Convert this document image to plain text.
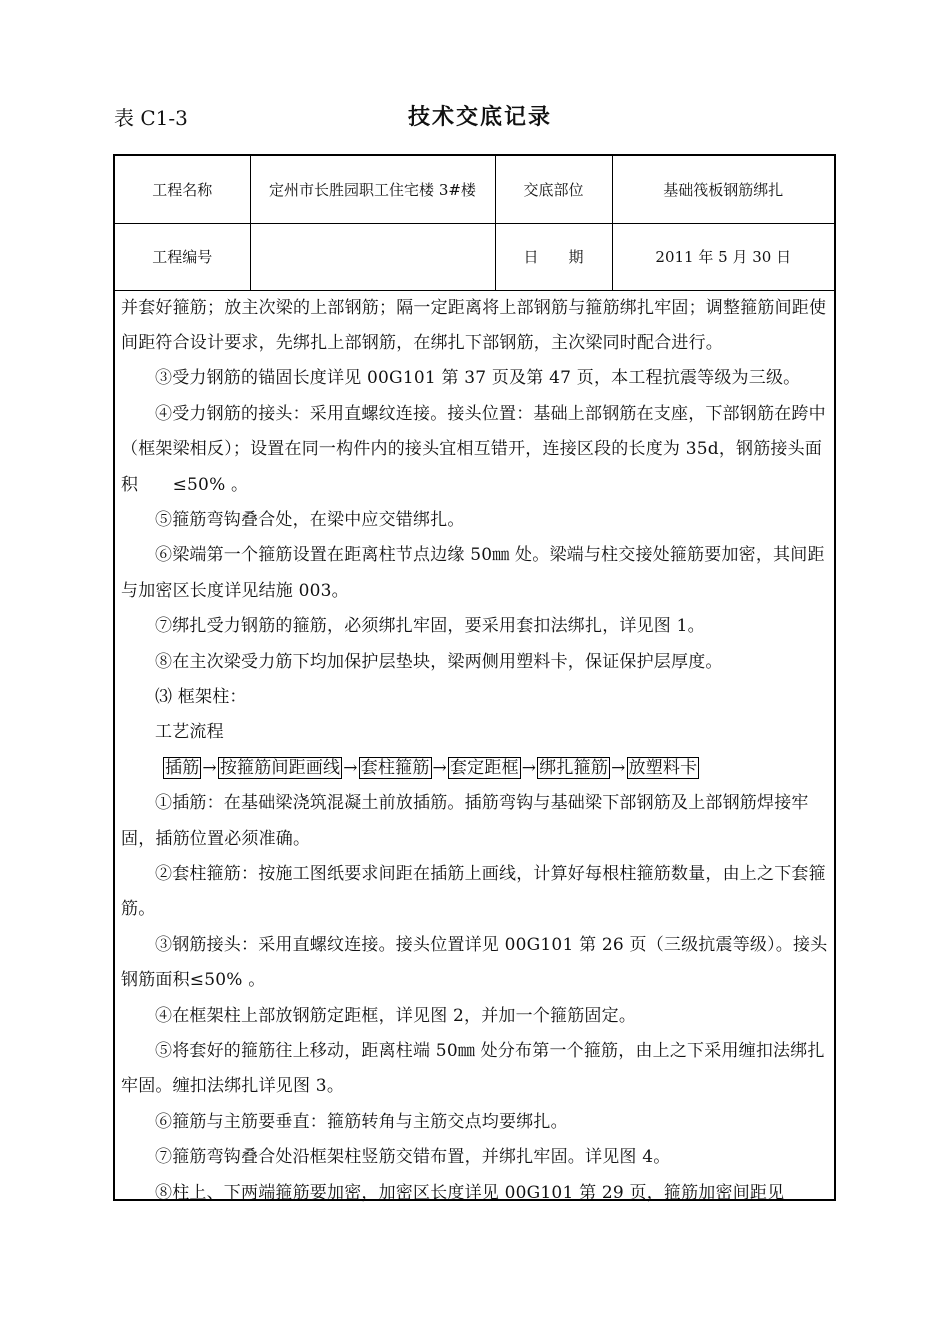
表 C1-3	技术交底记录
工程名称	定州市长胜园职工住宅楼 3#楼	交底部位	基础筏板钢筋绑扎
工程编号		日　　期	2011 年 5 月 30 日

并套好箍筋；放主次梁的上部钢筋；隔一定距离将上部钢筋与箍筋绑扎牢固；调整箍筋间距使间距符合设计要求，先绑扎上部钢筋，在绑扎下部钢筋，主次梁同时配合进行。

③受力钢筋的锚固长度详见 00G101 第 37 页及第 47 页，本工程抗震等级为三级。

④受力钢筋的接头：采用直螺纹连接。接头位置：基础上部钢筋在支座，下部钢筋在跨中（框架梁相反）；设置在同一构件内的接头宜相互错开，连接区段的长度为 35d，钢筋接头面积　　≤50% 。

⑤箍筋弯钩叠合处，在梁中应交错绑扎。

⑥梁端第一个箍筋设置在距离柱节点边缘 50㎜ 处。梁端与柱交接处箍筋要加密，其间距与加密区长度详见结施 003。

⑦绑扎受力钢筋的箍筋，必须绑扎牢固，要采用套扣法绑扎，详见图 1。

⑧在主次梁受力筋下均加保护层垫块，梁两侧用塑料卡，保证保护层厚度。

⑶ 框架柱：

工艺流程

插筋 → 按箍筋间距画线 → 套柱箍筋 → 套定距框 → 绑扎箍筋 → 放塑料卡

①插筋：在基础梁浇筑混凝土前放插筋。插筋弯钩与基础梁下部钢筋及上部钢筋焊接牢固，插筋位置必须准确。

②套柱箍筋：按施工图纸要求间距在插筋上画线，计算好每根柱箍筋数量，由上之下套箍筋。

③钢筋接头：采用直螺纹连接。接头位置详见 00G101 第 26 页（三级抗震等级）。接头钢筋面积≤50% 。

④在框架柱上部放钢筋定距框，详见图 2，并加一个箍筋固定。

⑤将套好的箍筋往上移动，距离柱端 50㎜ 处分布第一个箍筋，由上之下采用缠扣法绑扎牢固。缠扣法绑扎详见图 3。

⑥箍筋与主筋要垂直：箍筋转角与主筋交点均要绑扎。

⑦箍筋弯钩叠合处沿框架柱竖筋交错布置，并绑扎牢固。详见图 4。

⑧柱上、下两端箍筋要加密，加密区长度详见 00G101 第 29 页，箍筋加密间距见
